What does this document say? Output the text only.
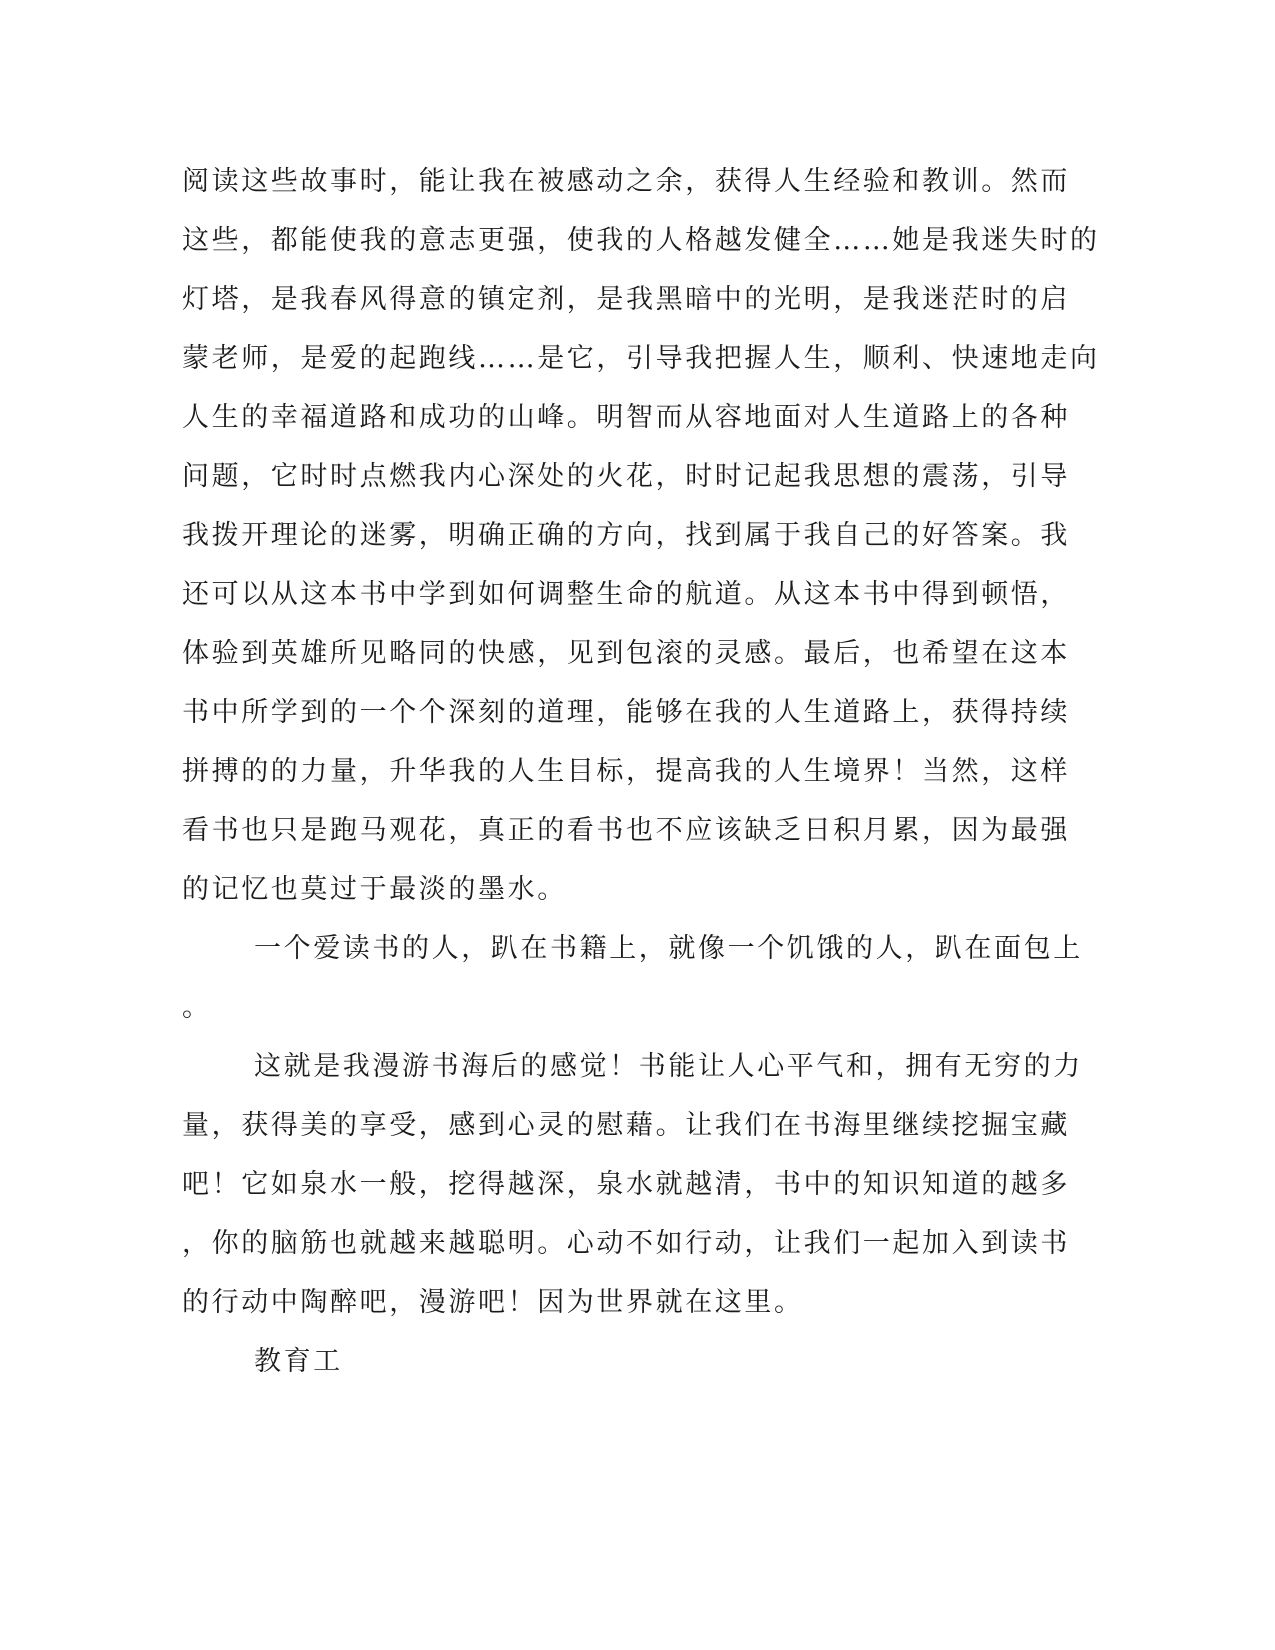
阅读这些故事时，能让我在被感动之余，获得人生经验和教训。然而
这些，都能使我的意志更强，使我的人格越发健全……她是我迷失时的
灯塔，是我春风得意的镇定剂，是我黑暗中的光明，是我迷茫时的启
蒙老师，是爱的起跑线……是它，引导我把握人生，顺利、快速地走向
人生的幸福道路和成功的山峰。明智而从容地面对人生道路上的各种
问题，它时时点燃我内心深处的火花，时时记起我思想的震荡，引导
我拨开理论的迷雾，明确正确的方向，找到属于我自己的好答案。我
还可以从这本书中学到如何调整生命的航道。从这本书中得到顿悟，
体验到英雄所见略同的快感，见到包滚的灵感。最后，也希望在这本
书中所学到的一个个深刻的道理，能够在我的人生道路上，获得持续
拼搏的的力量，升华我的人生目标，提高我的人生境界！当然，这样
看书也只是跑马观花，真正的看书也不应该缺乏日积月累，因为最强
的记忆也莫过于最淡的墨水。
一个爱读书的人，趴在书籍上，就像一个饥饿的人，趴在面包上
。
这就是我漫游书海后的感觉！书能让人心平气和，拥有无穷的力
量，获得美的享受，感到心灵的慰藉。让我们在书海里继续挖掘宝藏
吧！它如泉水一般，挖得越深，泉水就越清，书中的知识知道的越多
，你的脑筋也就越来越聪明。心动不如行动，让我们一起加入到读书
的行动中陶醉吧，漫游吧！因为世界就在这里。
教育工
